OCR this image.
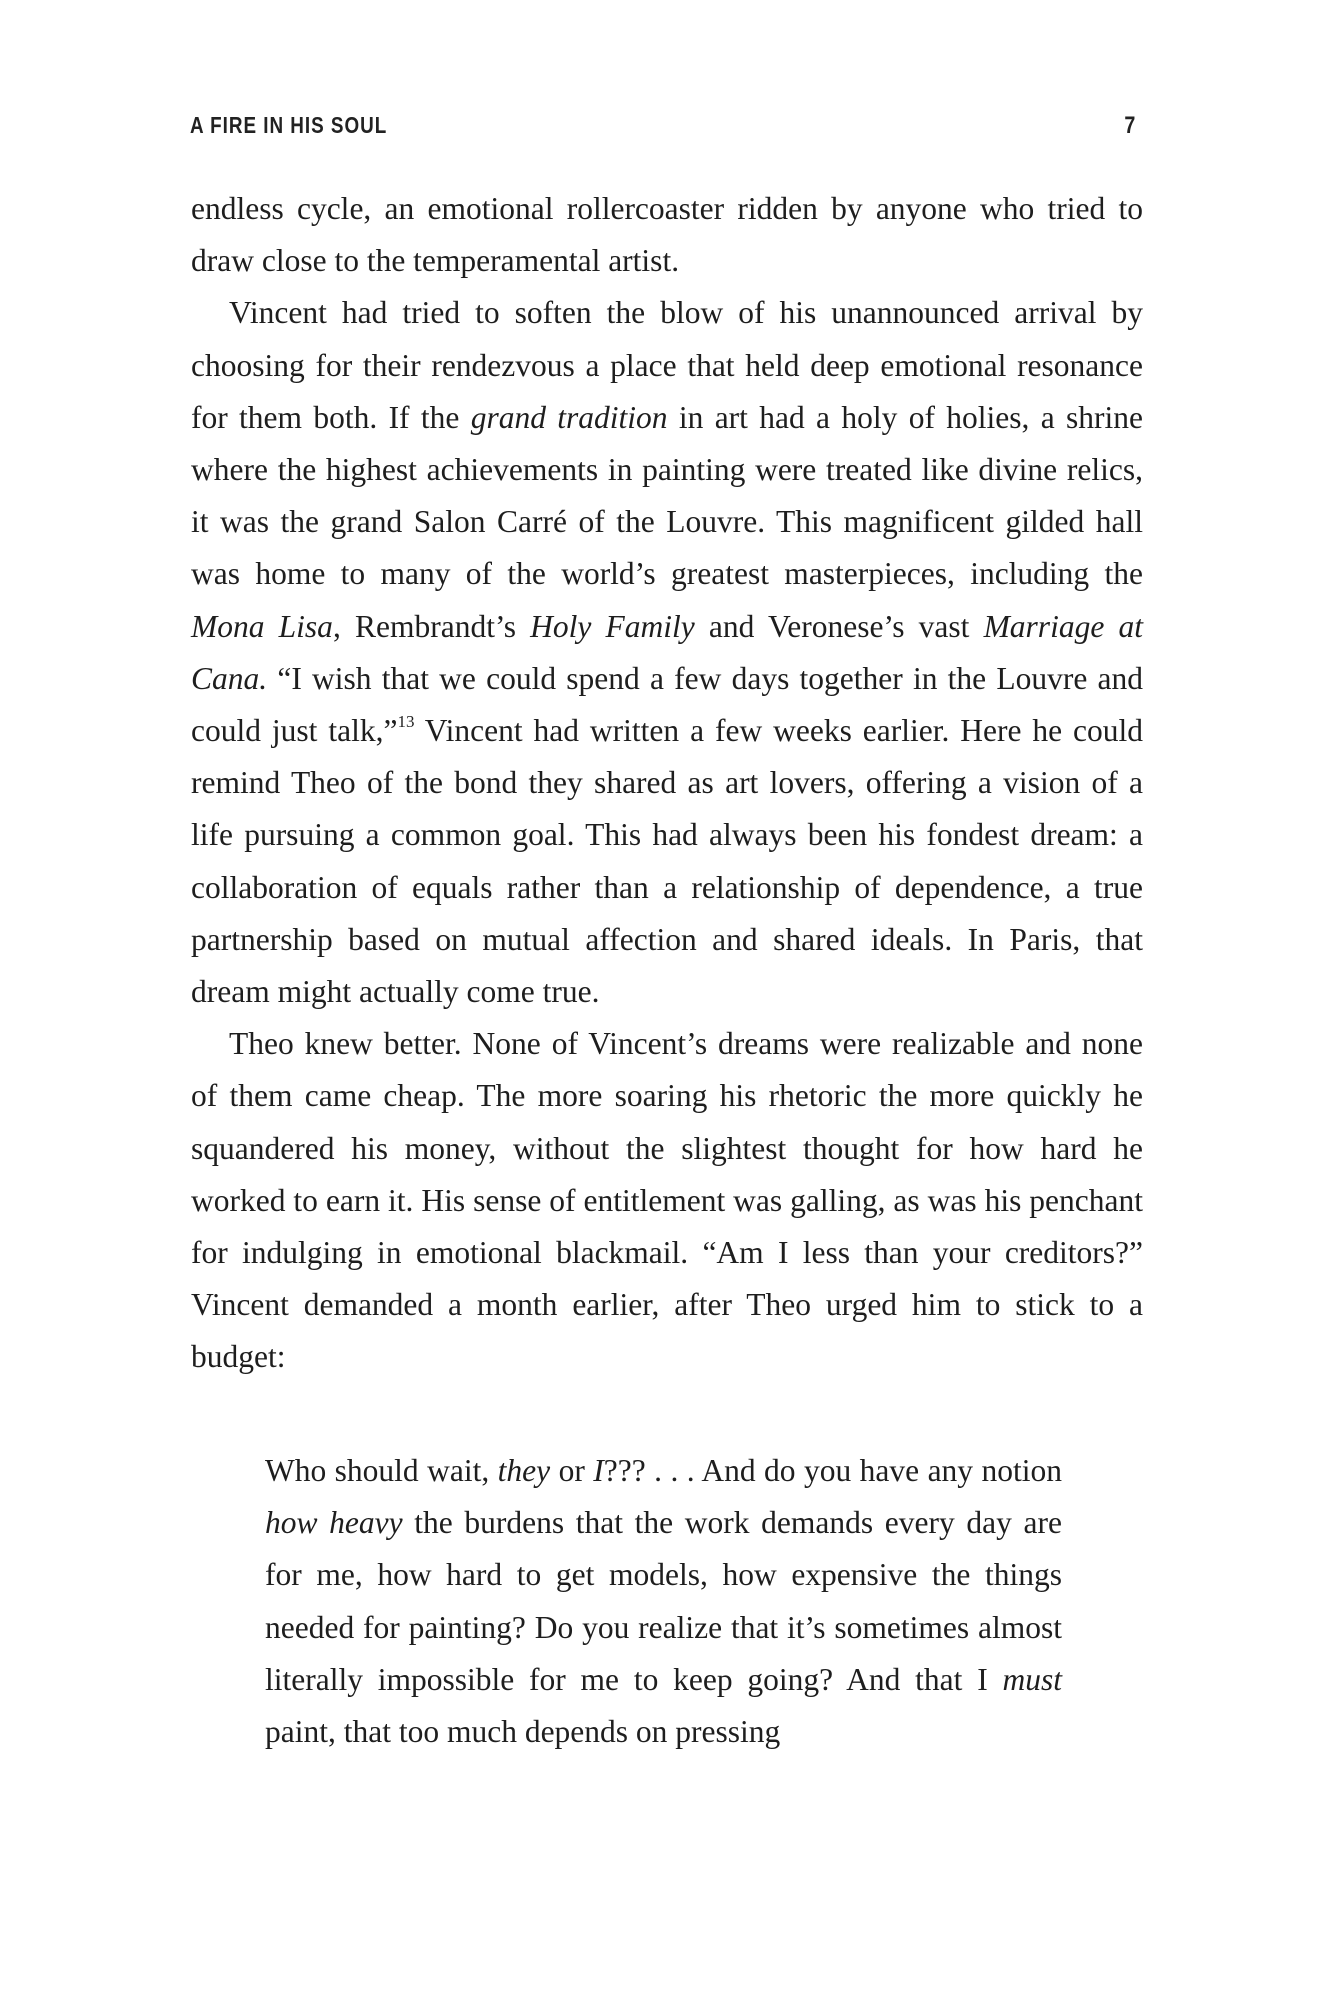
A FIRE IN HIS SOUL	7

endless cycle, an emotional rollercoaster ridden by anyone who tried to draw close to the temperamental artist.

Vincent had tried to soften the blow of his unannounced arrival by choosing for their rendezvous a place that held deep emotional resonance for them both. If the grand tradition in art had a holy of holies, a shrine where the highest achievements in painting were treated like divine relics, it was the grand Salon Carré of the Louvre. This magnificent gilded hall was home to many of the world’s greatest masterpieces, including the Mona Lisa, Rembrandt’s Holy Family and Veronese’s vast Marriage at Cana. “I wish that we could spend a few days together in the Louvre and could just talk,”$^{13}$ Vincent had written a few weeks earlier. Here he could remind Theo of the bond they shared as art lovers, offering a vision of a life pursuing a common goal. This had always been his fondest dream: a collaboration of equals rather than a relationship of dependence, a true partnership based on mutual affection and shared ideals. In Paris, that dream might actually come true.

Theo knew better. None of Vincent’s dreams were realizable and none of them came cheap. The more soaring his rhetoric the more quickly he squandered his money, without the slightest thought for how hard he worked to earn it. His sense of entitlement was galling, as was his penchant for indulging in emotional blackmail. “Am I less than your creditors?” Vincent demanded a month earlier, after Theo urged him to stick to a budget:

Who should wait, they or I??? . . . And do you have any notion how heavy the burdens that the work demands every day are for me, how hard to get models, how expensive the things needed for painting? Do you realize that it’s sometimes almost literally impossible for me to keep going? And that I must paint, that too much depends on pressing
